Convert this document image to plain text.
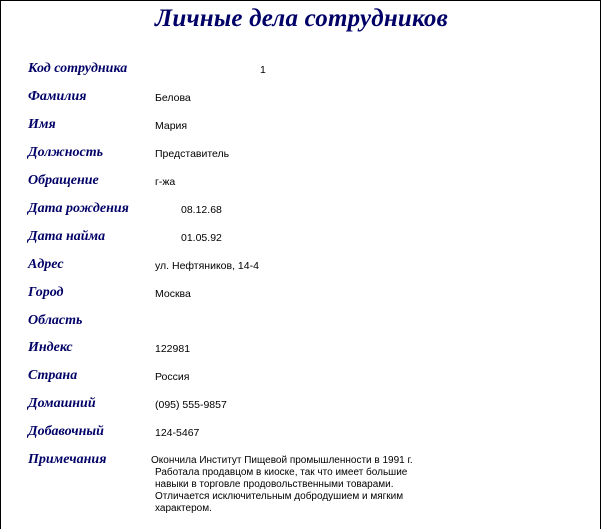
Личные дела сотрудников
Код сотрудника	1
Фамилия	Белова
Имя	Мария
Должность	Представитель
Обращение	г-жа
Дата рождения	08.12.68
Дата найма	01.05.92
Адрес	ул. Нефтяников, 14-4
Город	Москва
Область
Индекс	122981
Страна	Россия
Домашний	(095) 555-9857
Добавочный	124-5467
Примечания	Окончила Институт Пищевой промышленности в 1991 г.
Работала продавцом в киоске, так что имеет большие
навыки в торговле продовольственными товарами.
Отличается исключительным добродушием и мягким
характером.
